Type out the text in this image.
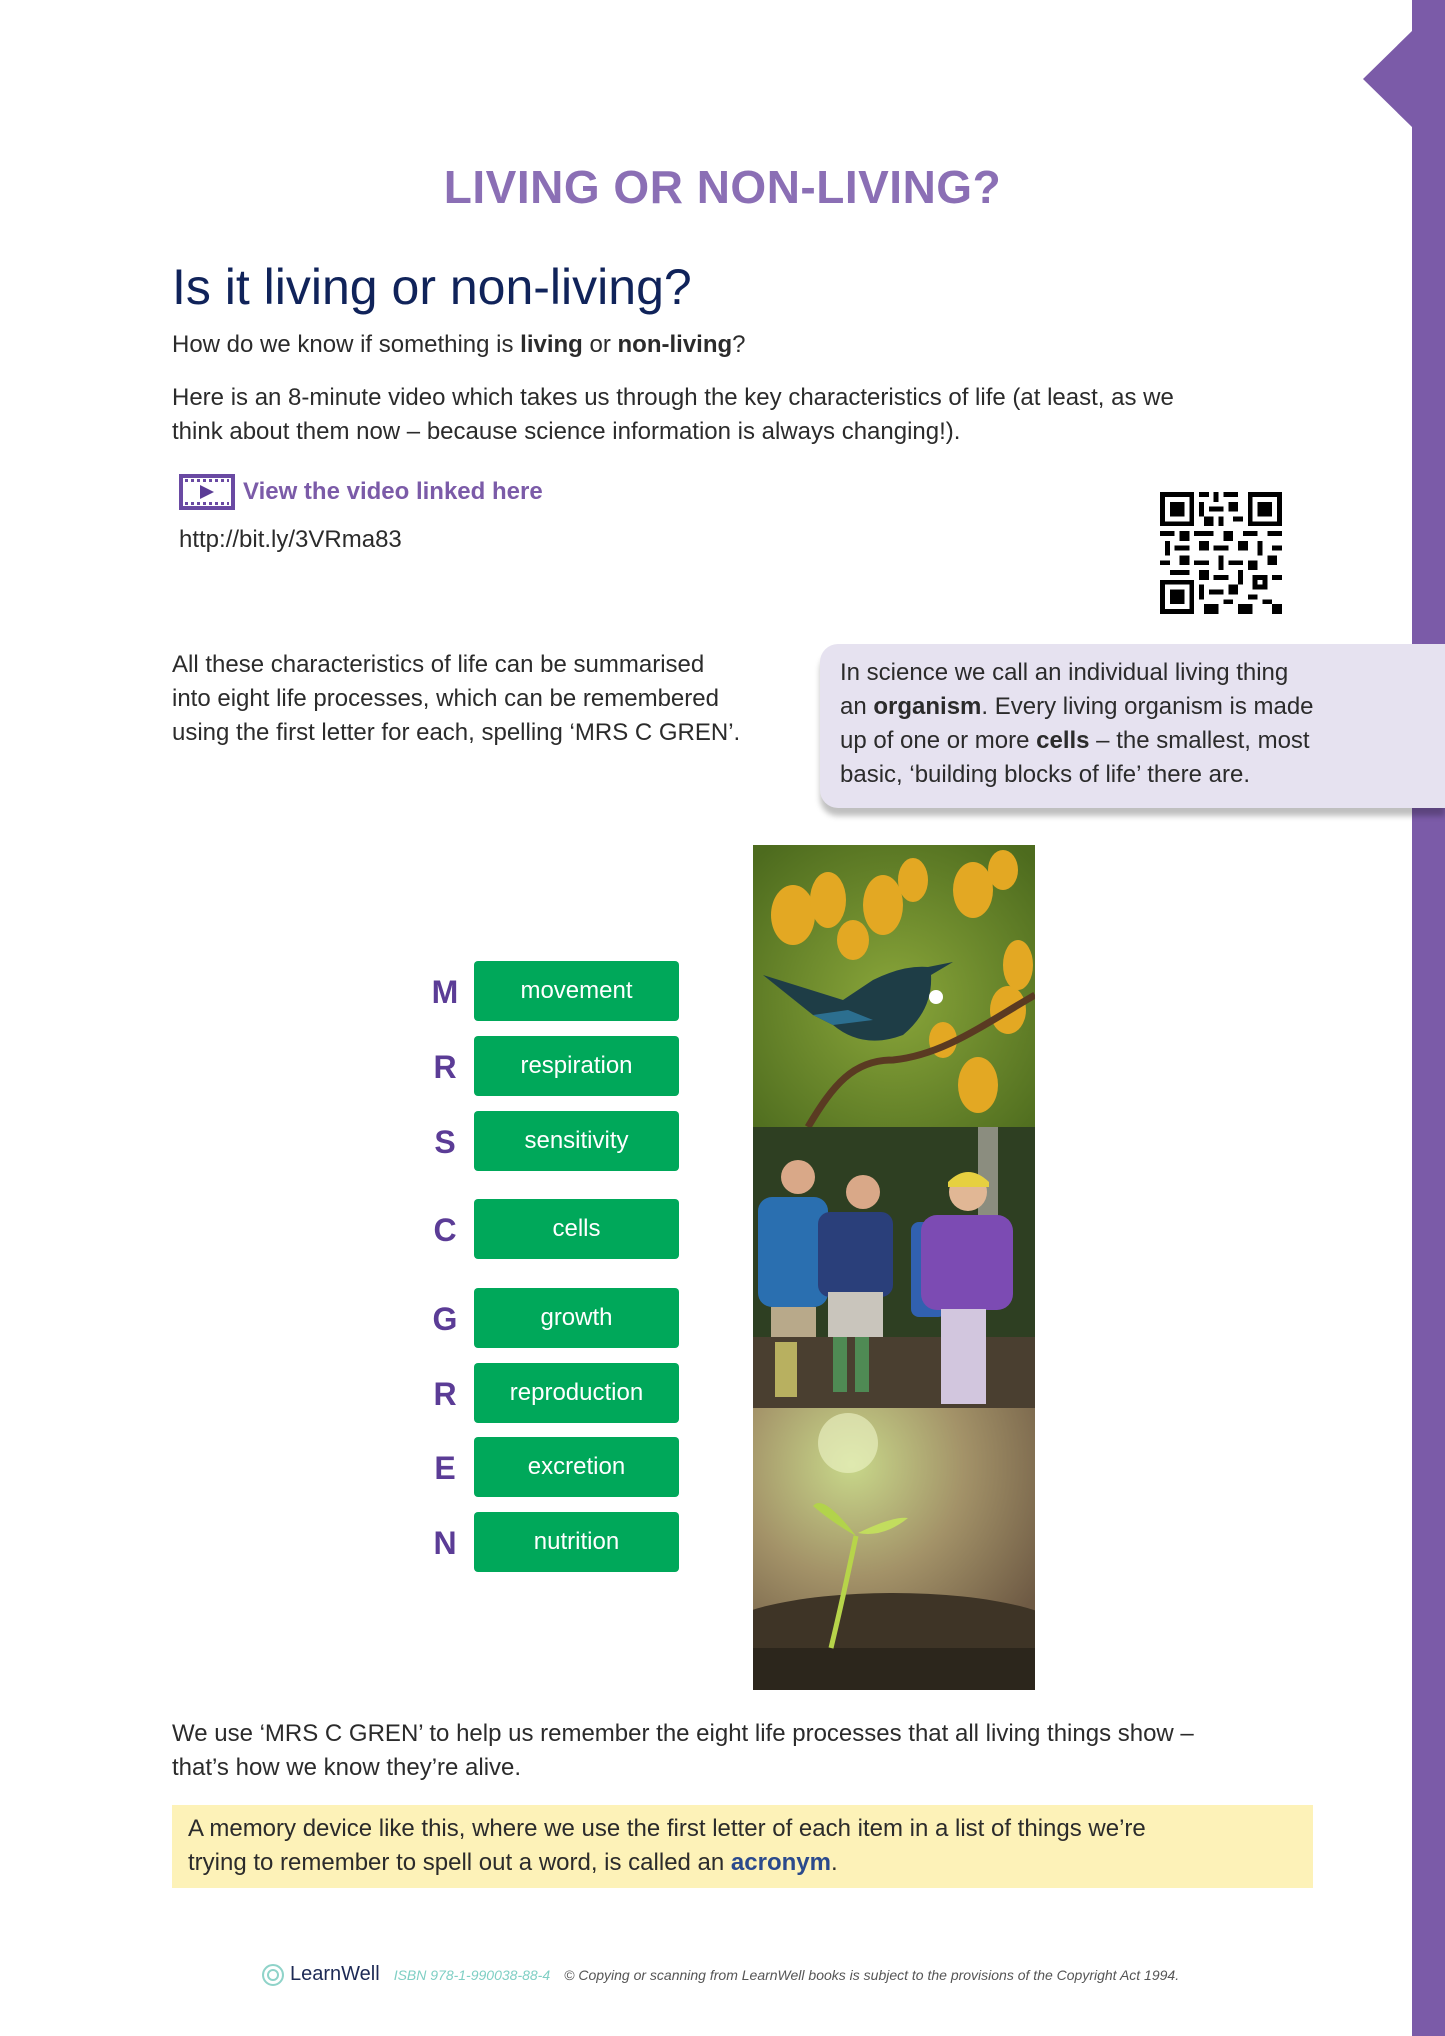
LIVING OR NON-LIVING?
Is it living or non-living?

How do we know if something is living or non-living?

Here is an 8-minute video which takes us through the key characteristics of life (at least, as we
think about them now – because science information is always changing!).

View the video linked here
http://bit.ly/3VRma83

All these characteristics of life can be summarised
into eight life processes, which can be remembered
using the first letter for each, spelling ‘MRS C GREN’.

In science we call an individual living thing
an organism. Every living organism is made
up of one or more cells – the smallest, most
basic, ‘building blocks of life’ there are.
M	movement
R	respiration
S	sensitivity
C	cells
G	growth
R	reproduction
E	excretion
N	nutrition

We use ‘MRS C GREN’ to help us remember the eight life processes that all living things show –
that’s how we know they’re alive.

A memory device like this, where we use the first letter of each item in a list of things we’re
trying to remember to spell out a word, is called an acronym.
LearnWell ISBN 978-1-990038-88-4 © Copying or scanning from LearnWell books is subject to the provisions of the Copyright Act 1994.
